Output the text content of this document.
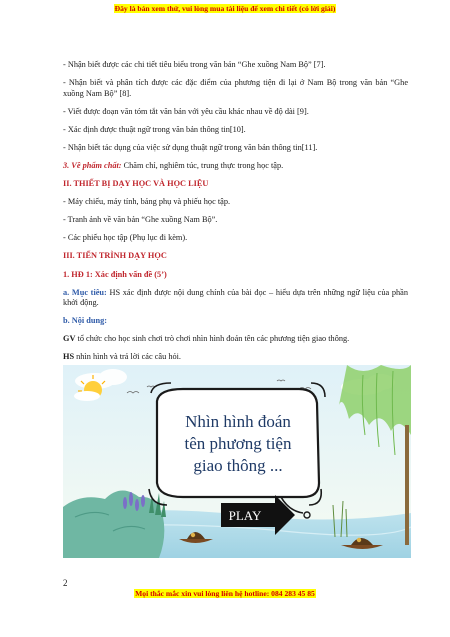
Đây là bản xem thử, vui lòng mua tài liệu để xem chi tiết (có lời giải)

- Nhận biết được các chi tiết tiêu biểu trong văn bản “Ghe xuồng Nam Bộ” [7].

- Nhận biết và phân tích được các đặc điểm của phương tiện đi lại ở Nam Bộ trong văn bản “Ghe xuồng Nam Bộ” [8].

- Viết được đoạn văn tóm tắt văn bản với yêu cầu khác nhau về độ dài [9].

- Xác định được thuật ngữ trong văn bản thông tin[10].

- Nhận biết tác dụng của việc sử dụng thuật ngữ trong văn bản thông tin[11].

3. Về phẩm chất: Chăm chỉ, nghiêm túc, trung thực trong học tập.

II. THIẾT BỊ DẠY HỌC VÀ HỌC LIỆU

- Máy chiếu, máy tính, bảng phụ và phiếu học tập.

- Tranh ảnh về văn bản “Ghe xuồng Nam Bộ”.

- Các phiếu học tập (Phụ lục đi kèm).

III. TIẾN TRÌNH DẠY HỌC

1. HĐ 1: Xác định vấn đề (5’)

a. Mục tiêu: HS xác định được nội dung chính của bài đọc – hiểu dựa trên những ngữ liệu của phần khởi động.

b. Nội dung:

GV tổ chức cho học sinh chơi trò chơi nhìn hình đoán tên các phương tiện giao thông.

HS nhìn hình và trả lời các câu hỏi.

Nhìn hình đoán
tên phương tiện
giao thông ...
PLAY
2
Mọi thắc mắc xin vui lòng liên hệ hotline: 084 283 45 85
